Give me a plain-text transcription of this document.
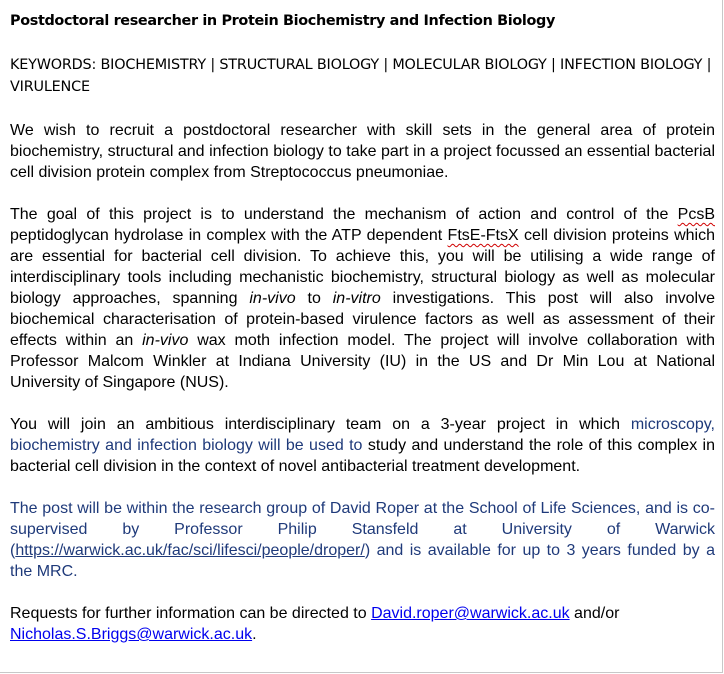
Postdoctoral researcher in Protein Biochemistry and Infection Biology

KEYWORDS: BIOCHEMISTRY | STRUCTURAL BIOLOGY | MOLECULAR BIOLOGY | INFECTION BIOLOGY | VIRULENCE

We wish to recruit a postdoctoral researcher with skill sets in the general area of protein biochemistry, structural and infection biology to take part in a project focussed an essential bacterial cell division protein complex from Streptococcus pneumoniae.

The goal of this project is to understand the mechanism of action and control of the PcsB peptidoglycan hydrolase in complex with the ATP dependent FtsE-FtsX cell division proteins which are essential for bacterial cell division. To achieve this, you will be utilising a wide range of interdisciplinary tools including mechanistic biochemistry, structural biology as well as molecular biology approaches, spanning in-vivo to in-vitro investigations. This post will also involve biochemical characterisation of protein-based virulence factors as well as assessment of their effects within an in-vivo wax moth infection model. The project will involve collaboration with Professor Malcom Winkler at Indiana University (IU) in the US and Dr Min Lou at National University of Singapore (NUS).

You will join an ambitious interdisciplinary team on a 3-year project in which microscopy, biochemistry and infection biology will be used to study and understand the role of this complex in bacterial cell division in the context of novel antibacterial treatment development.

The post will be within the research group of David Roper at the School of Life Sciences, and is co-supervised by Professor Philip Stansfeld at University of Warwick (https://warwick.ac.uk/fac/sci/lifesci/people/droper/) and is available for up to 3 years funded by a the MRC.

Requests for further information can be directed to David.roper@warwick.ac.uk and/or
Nicholas.S.Briggs@warwick.ac.uk.
